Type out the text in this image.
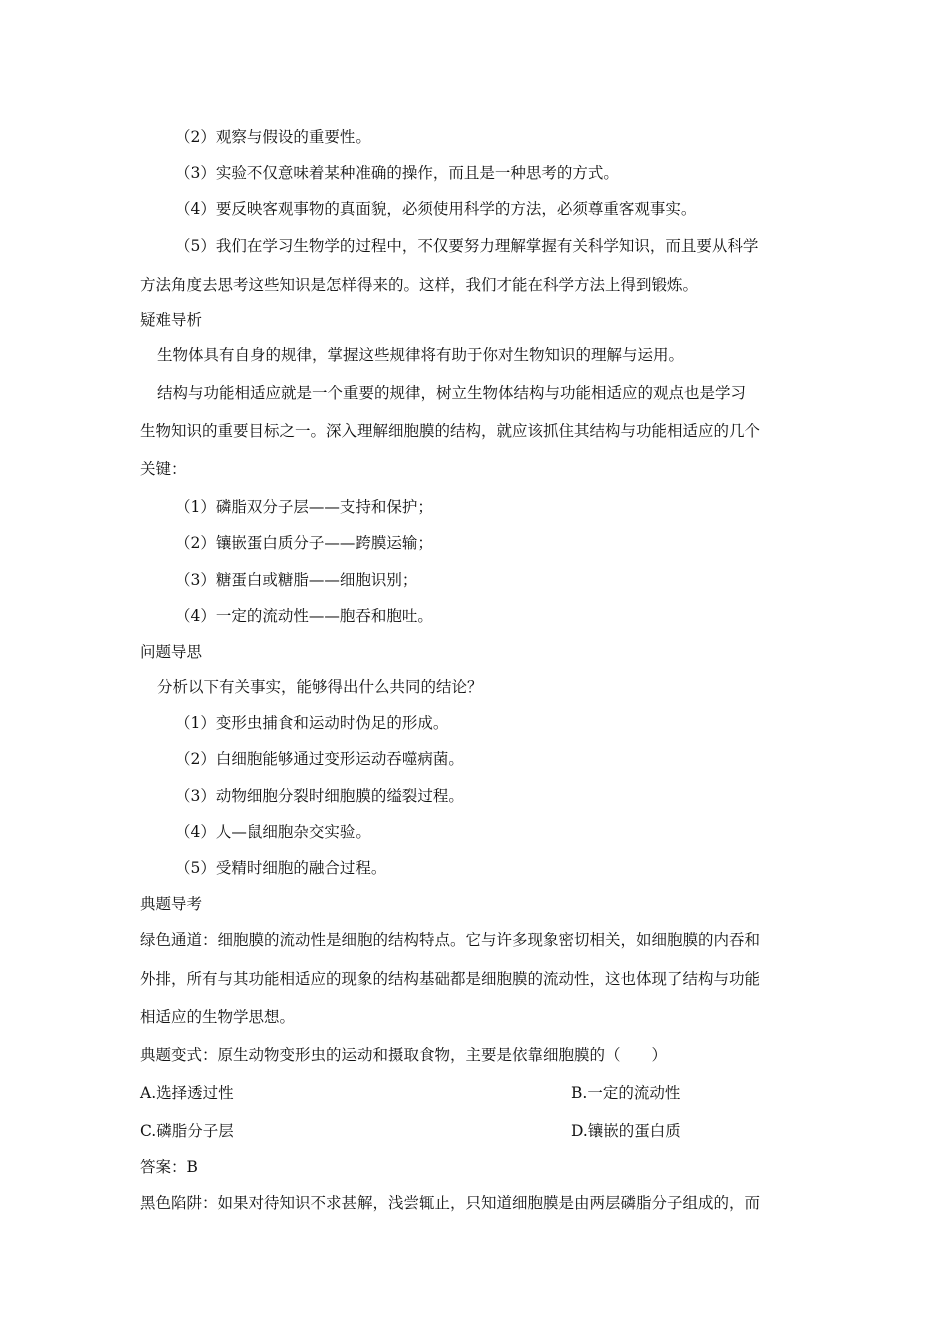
（2）观察与假设的重要性。
（3）实验不仅意味着某种准确的操作，而且是一种思考的方式。
（4）要反映客观事物的真面貌，必须使用科学的方法，必须尊重客观事实。
（5）我们在学习生物学的过程中，不仅要努力理解掌握有关科学知识，而且要从科学
方法角度去思考这些知识是怎样得来的。这样，我们才能在科学方法上得到锻炼。
疑难导析
生物体具有自身的规律，掌握这些规律将有助于你对生物知识的理解与运用。
结构与功能相适应就是一个重要的规律，树立生物体结构与功能相适应的观点也是学习
生物知识的重要目标之一。深入理解细胞膜的结构，就应该抓住其结构与功能相适应的几个
关键：
（1）磷脂双分子层——支持和保护；
（2）镶嵌蛋白质分子——跨膜运输；
（3）糖蛋白或糖脂——细胞识别；
（4）一定的流动性——胞吞和胞吐。
问题导思
分析以下有关事实，能够得出什么共同的结论？
（1）变形虫捕食和运动时伪足的形成。
（2）白细胞能够通过变形运动吞噬病菌。
（3）动物细胞分裂时细胞膜的缢裂过程。
（4）人—鼠细胞杂交实验。
（5）受精时细胞的融合过程。
典题导考
绿色通道：细胞膜的流动性是细胞的结构特点。它与许多现象密切相关，如细胞膜的内吞和
外排，所有与其功能相适应的现象的结构基础都是细胞膜的流动性，这也体现了结构与功能
相适应的生物学思想。
典题变式：原生动物变形虫的运动和摄取食物，主要是依靠细胞膜的（　　）
A.选择透过性	B.一定的流动性
C.磷脂分子层	D.镶嵌的蛋白质
答案：B
黑色陷阱：如果对待知识不求甚解，浅尝辄止，只知道细胞膜是由两层磷脂分子组成的，而
